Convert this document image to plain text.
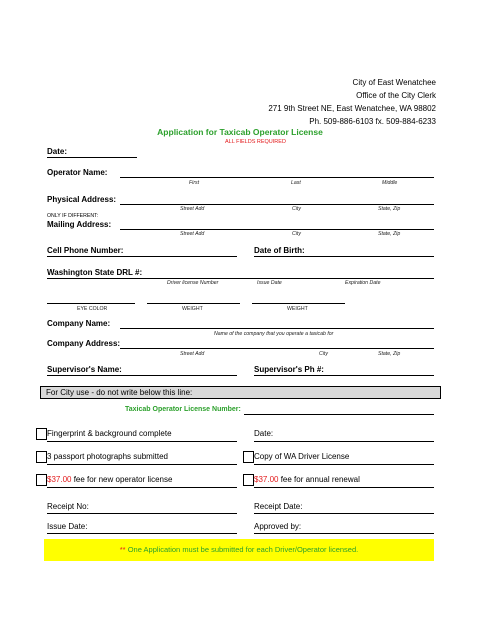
City of East Wenatchee
Office of the City Clerk
271 9th Street NE, East Wenatchee, WA 98802
Ph. 509-886-6103 fx. 509-884-6233
Application for Taxicab Operator License
ALL FIELDS REQUIRED
Date:
Operator Name:
First	Last	Middle
Physical Address:
Street Add	City	State, Zip
ONLY IF DIFFERENT:
Mailing Address:
Street Add	City	State, Zip
Cell Phone Number:	Date of Birth:
Washington State DRL #:
Driver license Number	Issue Date	Expiration Date
EYE COLOR	WEIGHT	WEIGHT
Company Name:
Name of the company that you operate a taxicab for
Company Address:
Street Add	City	State, Zip
Supervisor's Name:	Supervisor's Ph #:
For City use - do not write below this line:
Taxicab Operator License Number:
Fingerprint & background complete	Date:
3 passport photographs submitted	Copy of WA Driver License
$37.00 fee for new operator license	$37.00 fee for annual renewal
Receipt No:	Receipt Date:
Issue Date:	Approved by:
** One Application must be submitted for each Driver/Operator licensed.
